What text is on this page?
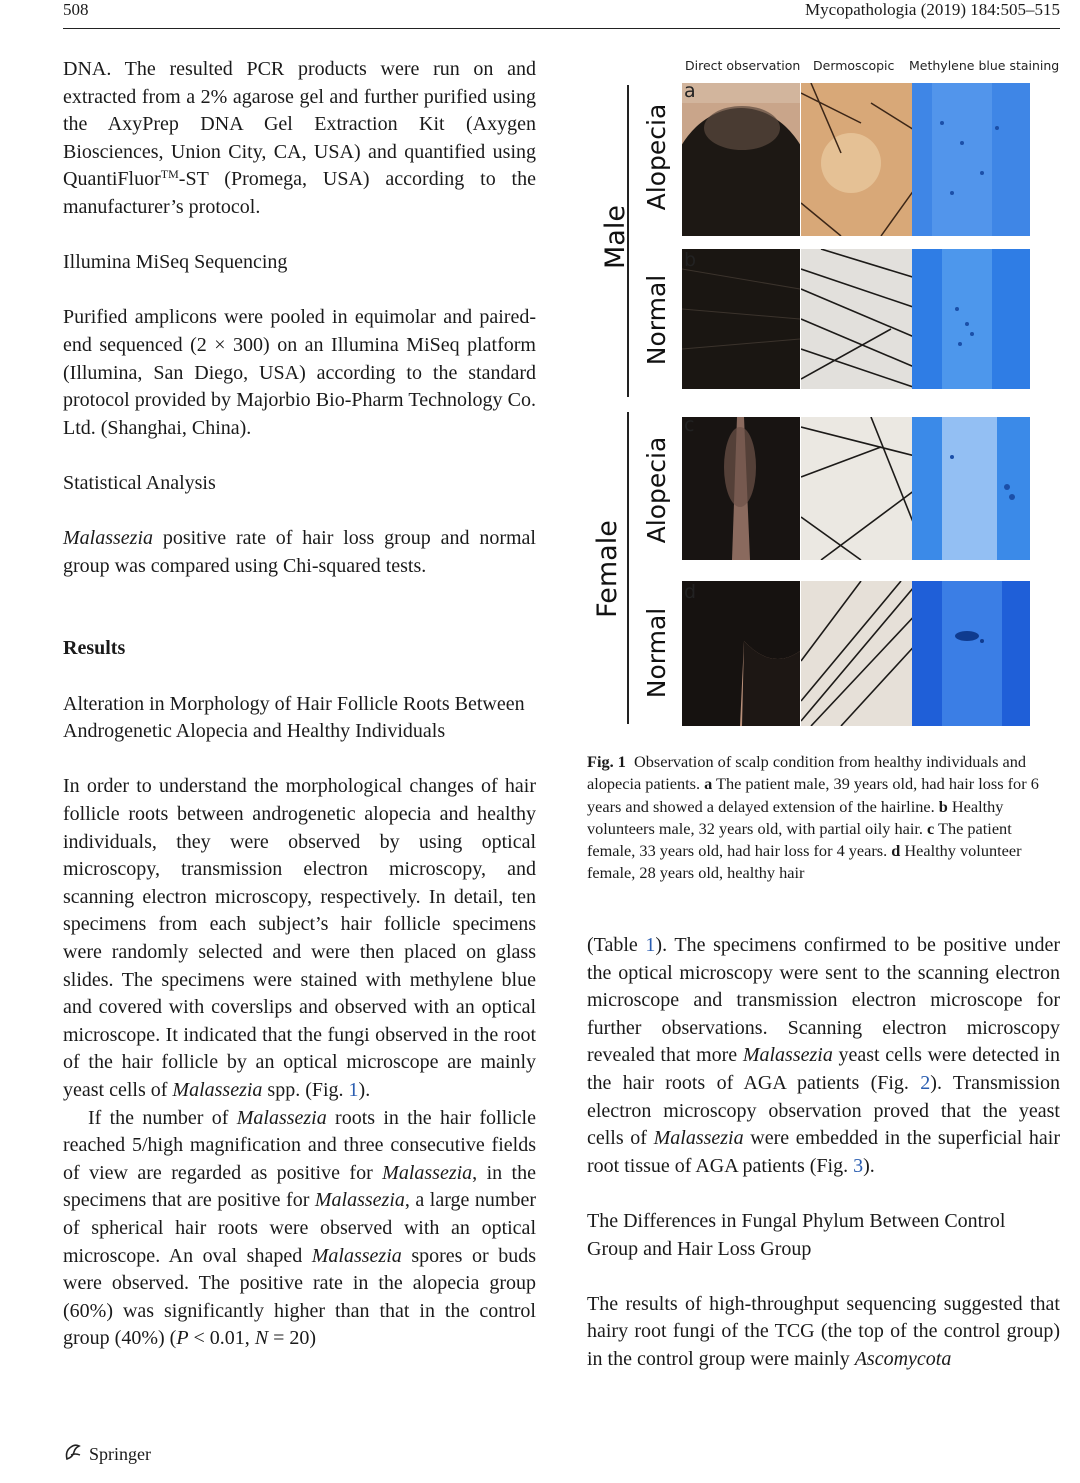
508	Mycopathologia (2019) 184:505–515

DNA. The resulted PCR products were run on and extracted from a 2% agarose gel and further purified using the AxyPrep DNA Gel Extraction Kit (Axygen Biosciences, Union City, CA, USA) and quantified using QuantiFluor™-ST (Promega, USA) according to the manufacturer’s protocol.

Illumina MiSeq Sequencing

Purified amplicons were pooled in equimolar and paired-end sequenced (2 × 300) on an Illumina MiSeq platform (Illumina, San Diego, USA) according to the standard protocol provided by Majorbio Bio-Pharm Technology Co. Ltd. (Shanghai, China).

Statistical Analysis

Malassezia positive rate of hair loss group and normal group was compared using Chi-squared tests.

Results

Alteration in Morphology of Hair Follicle Roots Between Androgenetic Alopecia and Healthy Individuals

In order to understand the morphological changes of hair follicle roots between androgenetic alopecia and healthy individuals, they were observed by using optical microscopy, transmission electron microscopy, and scanning electron microscopy, respectively. In detail, ten specimens from each subject’s hair follicle specimens were randomly selected and were then placed on glass slides. The specimens were stained with methylene blue and covered with coverslips and observed with an optical microscope. It indicated that the fungi observed in the root of the hair follicle by an optical microscope are mainly yeast cells of Malassezia spp. (Fig. 1).

If the number of Malassezia roots in the hair follicle reached 5/high magnification and three consecutive fields of view are regarded as positive for Malassezia, in the specimens that are positive for Malassezia, a large number of spherical hair roots were observed with an optical microscope. An oval shaped Malassezia spores or buds were observed. The positive rate in the alopecia group (60%) was significantly higher than that in the control group (40%) (P < 0.01, N = 20)

Direct observation Dermoscopic Methylene blue staining
Male
Female
Alopecia
Normal
Alopecia
Normal
a
b
c
d
Fig. 1 Observation of scalp condition from healthy individuals and alopecia patients. a The patient male, 39 years old, had hair loss for 6 years and showed a delayed extension of the hairline. b Healthy volunteers male, 32 years old, with partial oily hair. c The patient female, 33 years old, had hair loss for 4 years. d Healthy volunteer female, 28 years old, healthy hair

(Table 1). The specimens confirmed to be positive under the optical microscopy were sent to the scanning electron microscope and transmission electron microscope for further observations. Scanning electron microscopy revealed that more Malassezia yeast cells were detected in the hair roots of AGA patients (Fig. 2). Transmission electron microscopy observation proved that the yeast cells of Malassezia were embedded in the superficial hair root tissue of AGA patients (Fig. 3).

The Differences in Fungal Phylum Between Control Group and Hair Loss Group

The results of high-throughput sequencing suggested that hairy root fungi of the TCG (the top of the control group) in the control group were mainly Ascomycota

Springer
